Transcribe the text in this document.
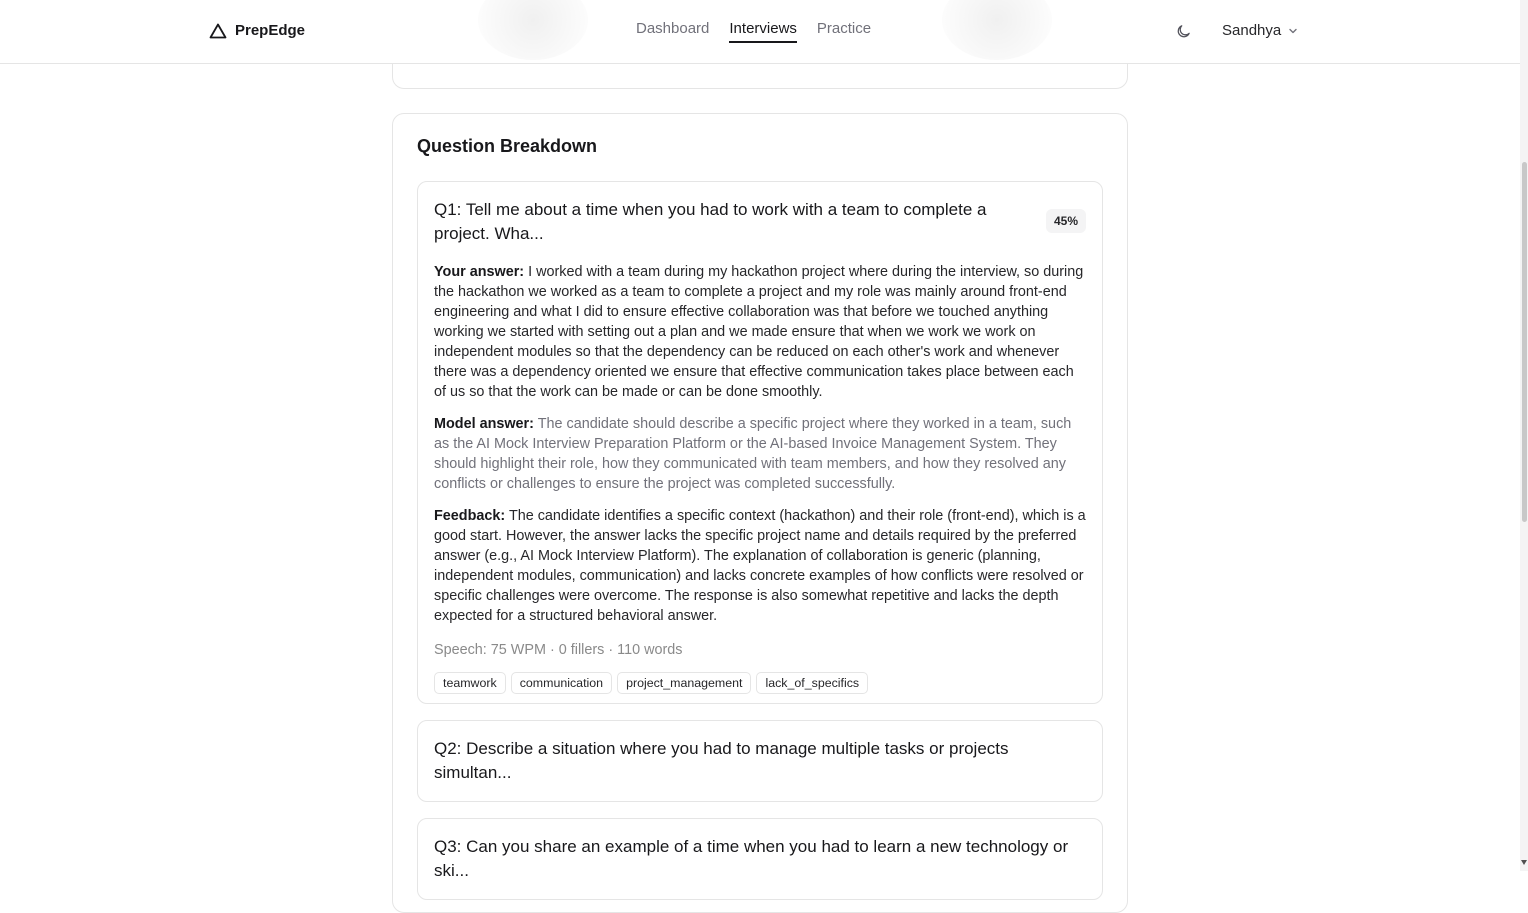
PrepEdge	Dashboard Interviews Practice	Sandhya
Question Breakdown
Q1: Tell me about a time when you had to work with a team to complete a project. Wha...
45%

Your answer: I worked with a team during my hackathon project where during the interview, so during the hackathon we worked as a team to complete a project and my role was mainly around front-end engineering and what I did to ensure effective collaboration was that before we touched anything working we started with setting out a plan and we made ensure that when we work we work on independent modules so that the dependency can be reduced on each other's work and whenever there was a dependency oriented we ensure that effective communication takes place between each of us so that the work can be made or can be done smoothly.

Model answer: The candidate should describe a specific project where they worked in a team, such as the AI Mock Interview Preparation Platform or the AI-based Invoice Management System. They should highlight their role, how they communicated with team members, and how they resolved any conflicts or challenges to ensure the project was completed successfully.

Feedback: The candidate identifies a specific context (hackathon) and their role (front-end), which is a good start. However, the answer lacks the specific project name and details required by the preferred answer (e.g., AI Mock Interview Platform). The explanation of collaboration is generic (planning, independent modules, communication) and lacks concrete examples of how conflicts were resolved or specific challenges were overcome. The response is also somewhat repetitive and lacks the depth expected for a structured behavioral answer.

Speech: 75 WPM · 0 fillers · 110 words
teamwork	communication	project_management	lack_of_specifics
Q2: Describe a situation where you had to manage multiple tasks or projects simultan...
Q3: Can you share an example of a time when you had to learn a new technology or ski...
